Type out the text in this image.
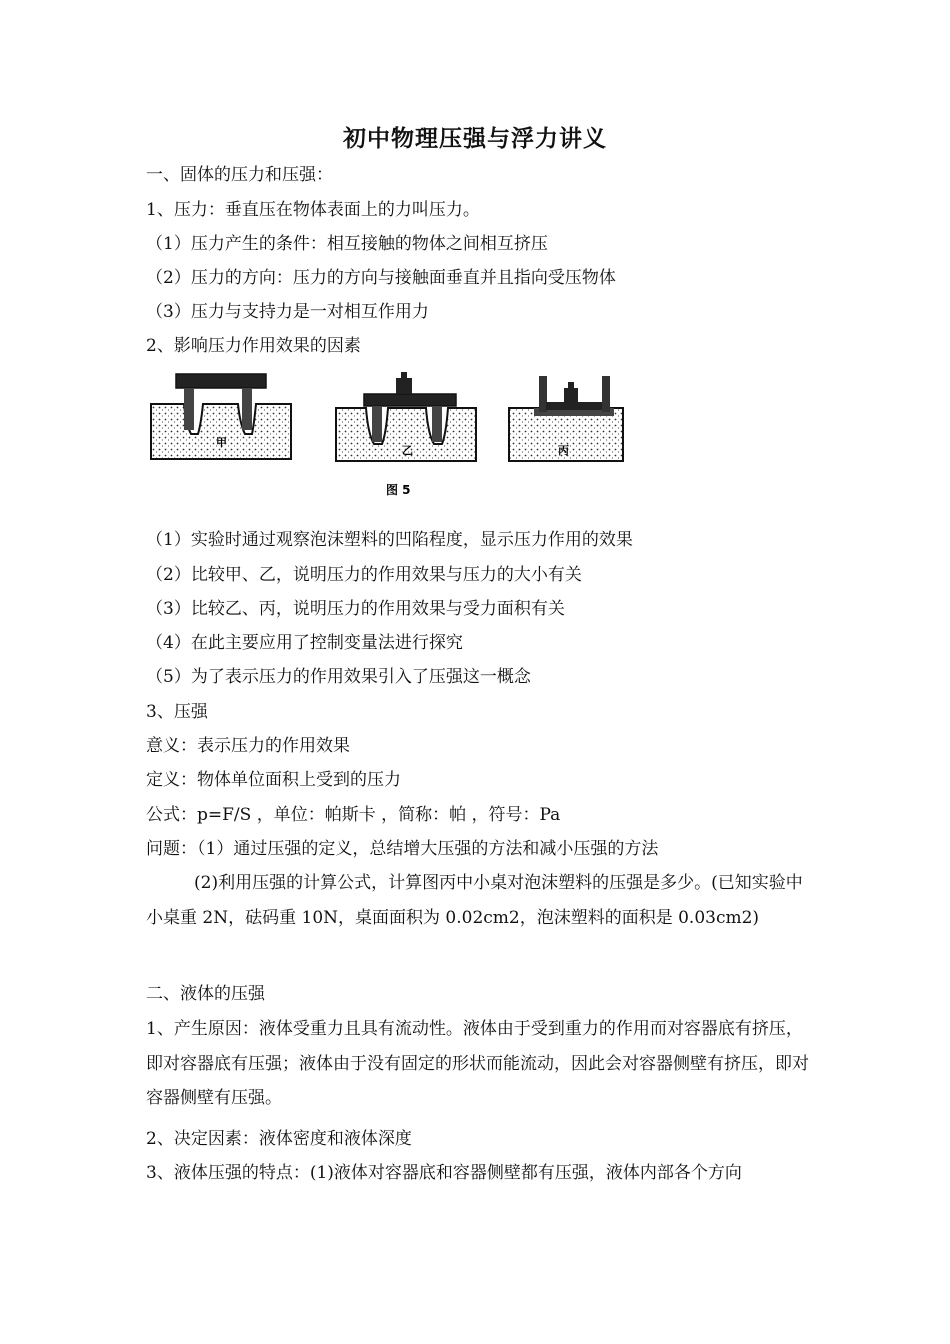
初中物理压强与浮力讲义
一、固体的压力和压强：
1、压力：垂直压在物体表面上的力叫压力。
（1）压力产生的条件：相互接触的物体之间相互挤压
（2）压力的方向：压力的方向与接触面垂直并且指向受压物体
（3）压力与支持力是一对相互作用力
2、影响压力作用效果的因素
甲
乙	丙
图 5
（1）实验时通过观察泡沫塑料的凹陷程度，显示压力作用的效果
（2）比较甲、乙，说明压力的作用效果与压力的大小有关
（3）比较乙、丙，说明压力的作用效果与受力面积有关
（4）在此主要应用了控制变量法进行探究
（5）为了表示压力的作用效果引入了压强这一概念
3、压强
意义：表示压力的作用效果
定义：物体单位面积上受到的压力
公式：p=F/S ，单位：帕斯卡 ，简称：帕 ，符号：Pa
问题：（1）通过压强的定义，总结增大压强的方法和减小压强的方法
(2)利用压强的计算公式，计算图丙中小桌对泡沫塑料的压强是多少。(已知实验中小桌重 2N，砝码重 10N，桌面面积为 0.02cm2，泡沫塑料的面积是 0.03cm2)
二、液体的压强
1、产生原因：液体受重力且具有流动性。液体由于受到重力的作用而对容器底有挤压，即对容器底有压强；液体由于没有固定的形状而能流动，因此会对容器侧壁有挤压，即对容器侧壁有压强。
2、决定因素：液体密度和液体深度
3、液体压强的特点：(1)液体对容器底和容器侧壁都有压强，液体内部各个方向
